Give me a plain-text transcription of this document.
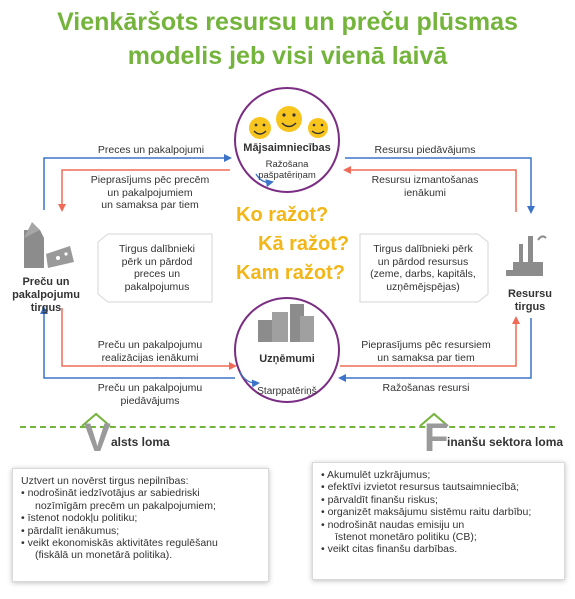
Vienkāršots resursu un preču plūsmas
modelis jeb visi vienā laivā
Mājsaimniecības
Ražošana pašpatēriņam
Uzņēmumi
Starppatēriņš
Preču un
pakalpojumu
tirgus
Resursu
tirgus
Ko ražot?
Kā ražot?
Kam ražot?
Preces un pakalpojumi
Pieprasījums pēc precēm
un pakalpojumiem
un samaksa par tiem
Resursu piedāvājums
Resursu izmantošanas
ienākumi
Preču un pakalpojumu
realizācijas ienākumi
Preču un pakalpojumu
piedāvājums
Pieprasījums pēc resursiem
un samaksa par tiem
Ražošanas resursi
Tirgus dalībnieki
pērk un pārdod
preces un
pakalpojumus
Tirgus dalībnieki pērk
un pārdod resursus
(zeme, darbs, kapitāls,
uzņēmējspējas)
V alsts loma	F
inanšu sektora loma
Uztvert un novērst tirgus nepilnības:
• nodrošināt iedzīvotājus ar sabiedriski
nozīmīgām precēm un pakalpojumiem;
• īstenot nodokļu politiku;
• pārdalīt ienākumus;
• veikt ekonomiskās aktivitātes regulēšanu
(fiskālā un monetārā politika).
• Akumulēt uzkrājumus;
• efektīvi izvietot resursus tautsaimniecībā;
• pārvaldīt finanšu riskus;
• organizēt maksājumu sistēmu raitu darbību;
• nodrošināt naudas emisiju un
īstenot monetāro politiku (CB);
• veikt citas finanšu darbības.
